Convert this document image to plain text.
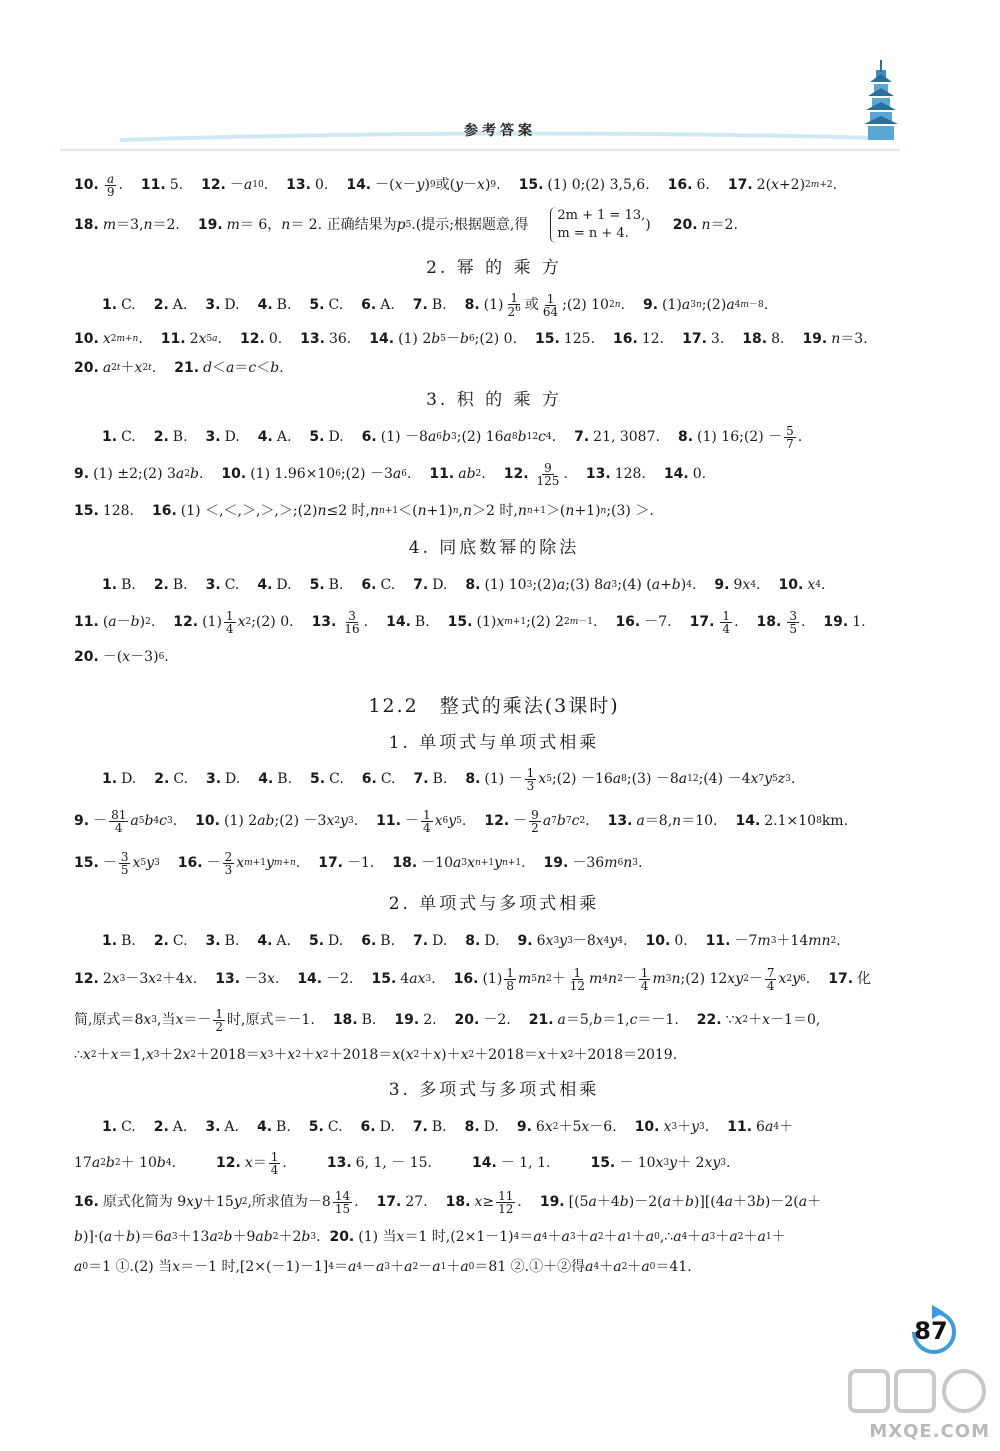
参考答案
10. $\frac{a}{9}$ . 11. 5. 12. － a 10 . 13. 0. 14. －( x － y ) 9 或( y － x ) 9 . 15. (1) 0;(2) 3,5,6. 16. 6. 17. 2( x +2) 2m+2 .
18. m ＝3, n ＝2. 19. m ＝ 6， n ＝ 2. 正确结果为 p 5 .(提示;根据题意,得
2m + 1 = 13,
m = n + 4.
) 20. n ＝2.
2. 幂 的 乘 方
1. C. 2. A. 3. D. 4. B. 5. C. 6. A. 7. B. 8. $(1) \frac{1}{2^6}$ 或 $\frac{1}{64}$ ;(2) 10 2n . 9. (1) a 3n ;(2) a 4m－8 .
10. x 2m+n . 11. 2 x 5a . 12. 0. 13. 36. 14. (1) 2 b 5 － b 6 ;(2) 0. 15. 125. 16. 12. 17. 3. 18. 8. 19. n ＝3.
20. a 2t ＋ x 2t . 21. d ＜ a ＝ c ＜ b .
3. 积 的 乘 方
1. C. 2. B. 3. D. 4. A. 5. D. 6. (1) －8 a 6 b 3 ;(2) 16 a 8 b 12 c 4 . 7. 21, 3087. 8. (1) 16;(2) － $\frac{5}{7}$ .
9. (1) ±2;(2) 3 a 2 b . 10. (1) 1.96×10 6 ;(2) －3 a 6 . 11. ab 2 . 12. $\frac{9}{125}$ . 13. 128. 14. 0.
15. 128. 16. (1) ＜,＜,＞,＞,＞;(2) n ≤2 时, n n+1 ＜( n +1) n , n ＞2 时, n n+1 ＞( n +1) n ;(3) ＞.
4. 同底数幂的除法
1. B. 2. B. 3. C. 4. D. 5. B. 6. C. 7. D. 8. (1) 10 3 ;(2) a ;(3) 8 a 3 ;(4) ( a + b ) 4 . 9. 9 x 4 . 10. x 4 .
11. ( a － b ) 2 . 12. $(1) \frac{1}{4}$ x 2 ;(2) 0. 13. $\frac{3}{16}$ . 14. B. 15. (1) x m+1 ;(2) 2 2m－1 . 16. －7. 17. $\frac{1}{4}$ . 18. $\frac{3}{5}$ . 19. 1.
20. －( x －3) 6 .
12.2　整式的乘法(3课时)
1. 单项式与单项式相乘
1. D. 2. C. 3. D. 4. B. 5. C. 6. C. 7. B. 8. $(1) - \frac{1}{3}$ x 5 ;(2) －16 a 8 ;(3) －8 a 12 ;(4) －4 x 7 y 5 z 3 .
9. － $\frac{81}{4}$ a 5 b 4 c 3 . 10. (1) 2 ab ;(2) －3 x 2 y 3 . 11. － $\frac{1}{4}$ x 6 y 5 . 12. － $\frac{9}{2}$ a 7 b 7 c 2 . 13. a ＝8, n ＝10. 14. 2.1×10 8 km.
15. － $\frac{3}{5}$ x 5 y 3 16. － $\frac{2}{3}$ x m+1 y m+n . 17. －1. 18. －10 a 3 x n+1 y n+1 . 19. －36 m 6 n 3 .
2. 单项式与多项式相乘
1. B. 2. C. 3. B. 4. A. 5. D. 6. B. 7. D. 8. D. 9. 6 x 3 y 3 －8 x 4 y 4 . 10. 0. 11. －7 m 3 ＋14 mn 2 .
12. 2 x 3 －3 x 2 ＋4 x . 13. －3 x . 14. －2. 15. 4 ax 3 . 16. $(1) \frac{1}{8}$ m 5 n $2 + \frac{1}{12}$ m 4 n $2 - \frac{1}{4}$ m 3 n ;(2) 12 xy $2 - \frac{7}{4}$ x 2 y 6 . 17. 化
简,原式＝8 x 3 ,当 $x =- \frac{1}{2}$ 时,原式＝－1. 18. B. 19. 2. 20. －2. 21. a ＝5, b ＝1, c ＝－1. 22. ∵ x 2 ＋ x －1＝0,
∴ x 2 ＋ x ＝1, x 3 ＋2 x 2 ＋2018＝ x 3 ＋ x 2 ＋ x 2 ＋2018＝ x ( x 2 ＋ x )＋ x 2 ＋2018＝ x ＋ x 2 ＋2018＝2019.
3. 多项式与多项式相乘
1. C. 2. A. 3. A. 4. B. 5. C. 6. D. 7. B. 8. D. 9. 6 x 2 ＋5 x －6. 10. x 3 ＋ y 3 . 11. 6 a 4 ＋
17 a 2 b 2 ＋ 10 b 4 .	12. $x = \frac{1}{4}$ .	13. 6, 1, － 15.	14. － 1, 1.	15. － 10 x 3 y ＋ 2 xy 3 .
16. 原式化简为 9 xy ＋15 y 2 ,所求值为$-8 \frac{14}{15}$ . 17. 27. 18. $x \ge \frac{11}{12}$ . 19. [(5 a ＋4 b )－2( a ＋ b )][(4 a ＋3 b )－2( a ＋
b )]·( a ＋ b )＝6 a 3 ＋13 a 2 b ＋9 ab 2 ＋2 b 3 . 20. (1) 当 x ＝1 时,(2×1－1) 4 ＝ a 4 ＋ a 3 ＋ a 2 ＋ a 1 ＋ a 0 ,∴ a 4 ＋ a 3 ＋ a 2 ＋ a 1 ＋
a 0 ＝1 ①.(2) 当 x ＝－1 时,[2×(－1)－1] 4 ＝ a 4 － a 3 ＋ a 2 － a 1 ＋ a 0 ＝81 ②.①＋②得 a 4 ＋ a 2 ＋ a 0 ＝41.
87
MXQE.COM
